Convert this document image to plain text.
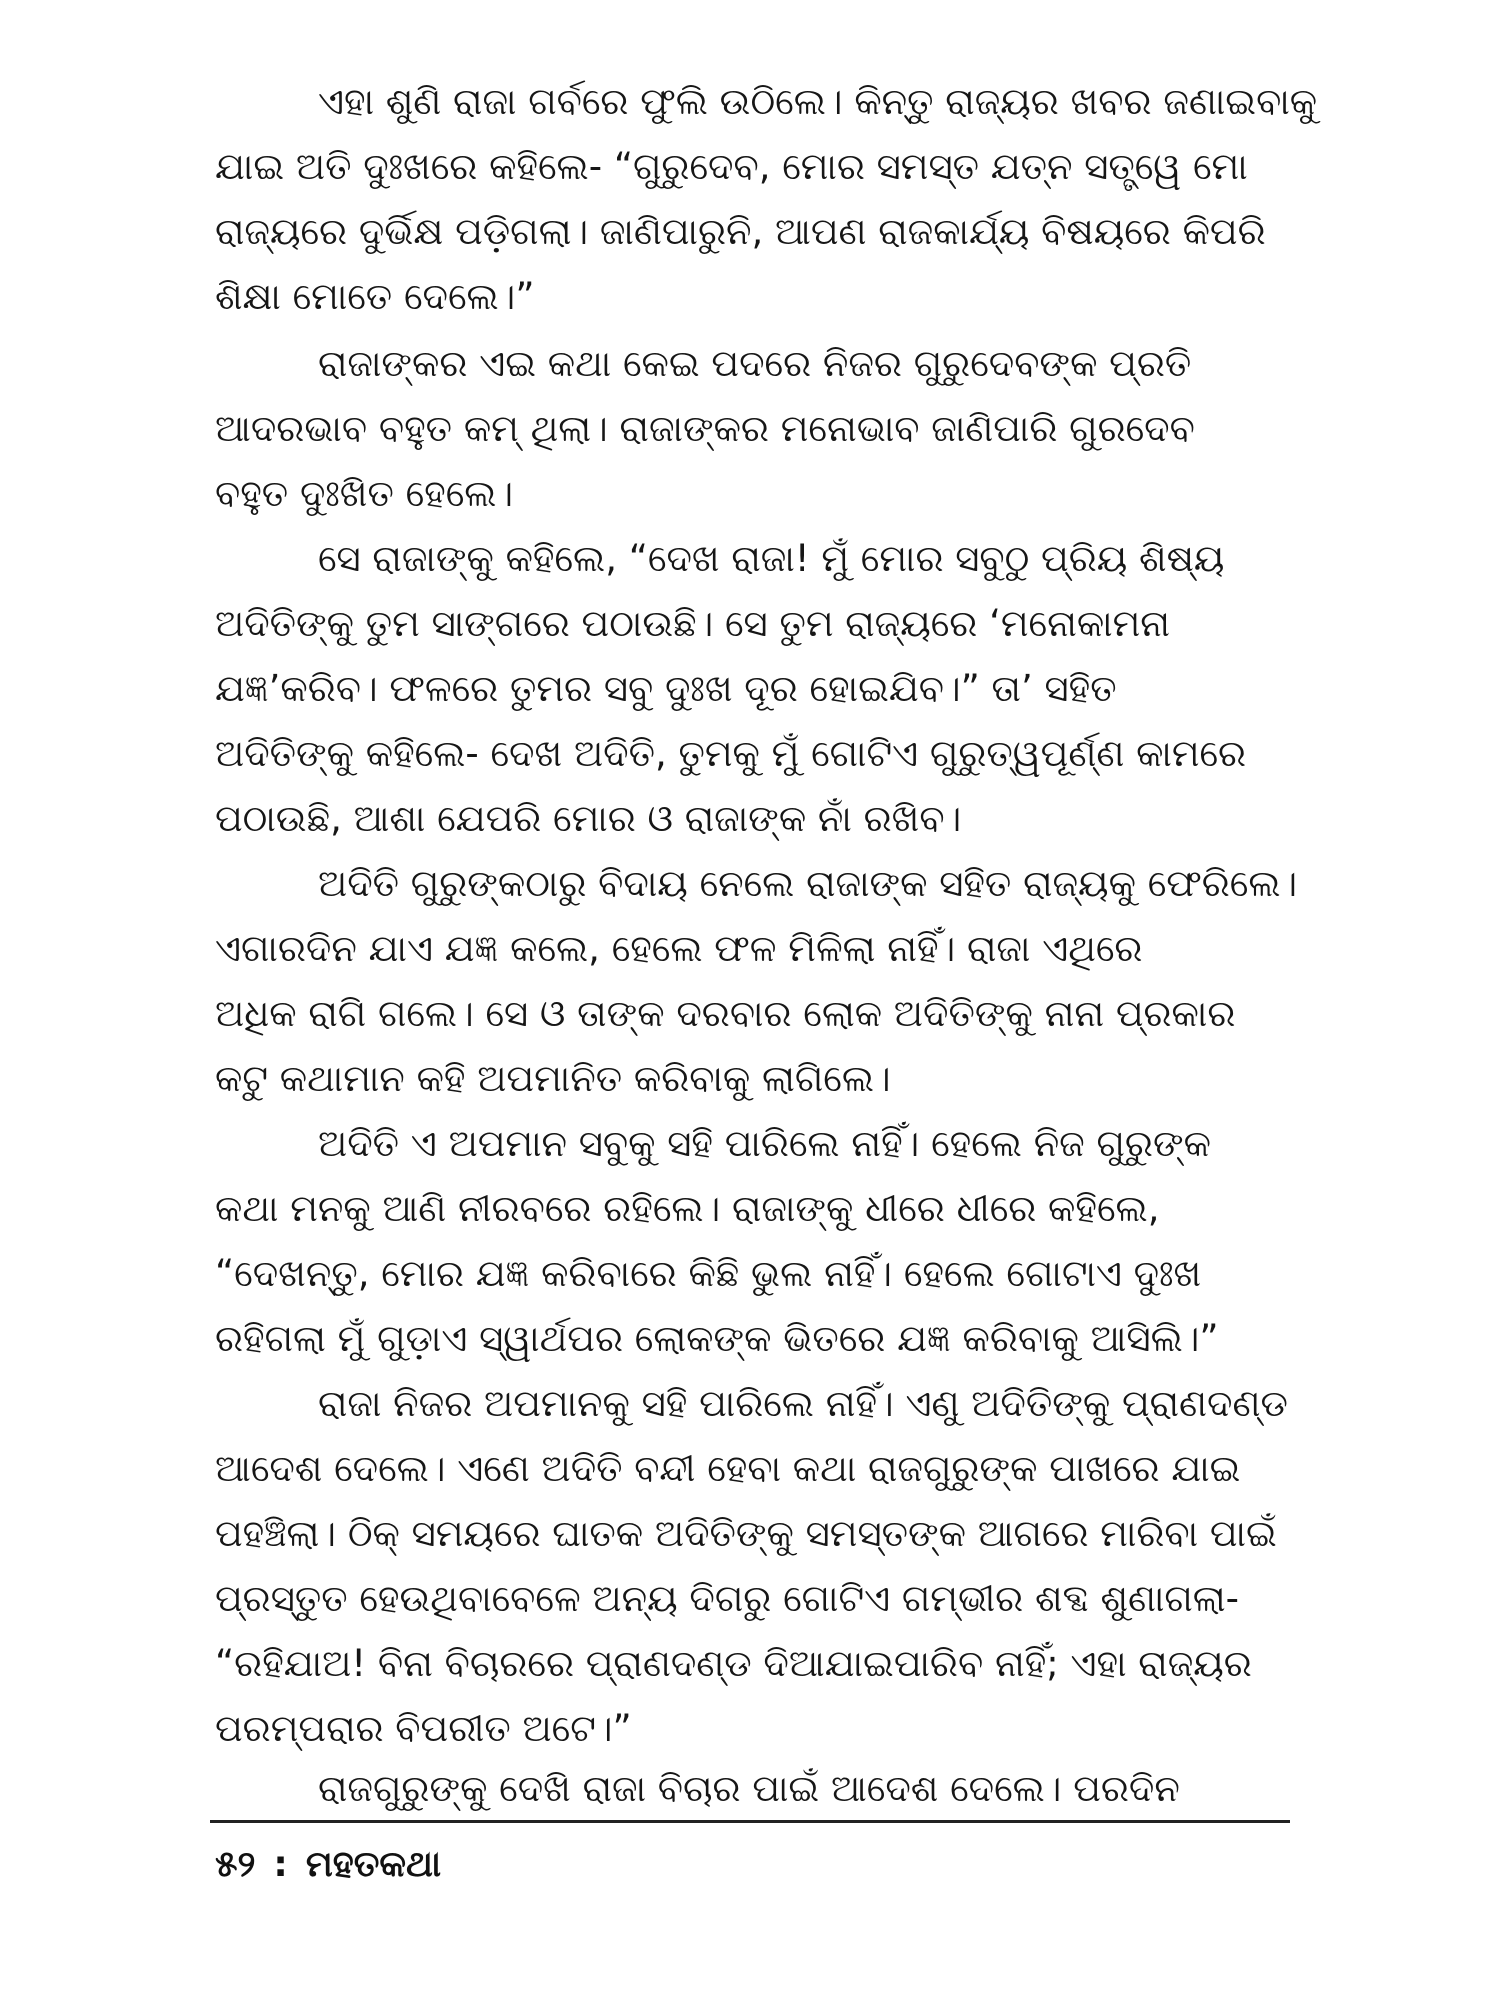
ଏହା ଶୁଣି ରାଜା ଗର୍ବରେ ଫୁଲି ଉଠିଲେ। କିନ୍ତୁ ରାଜ୍ୟର ଖବର ଜଣାଇବାକୁ
ଯାଇ ଅତି ଦୁଃଖରେ କହିଲେ- “ଗୁରୁଦେବ, ମୋର ସମସ୍ତ ଯତ୍ନ ସତ୍ତ୍ୱେ ମୋ
ରାଜ୍ୟରେ ଦୁର୍ଭିକ୍ଷ ପଡ଼ିଗଲା। ଜାଣିପାରୁନି, ଆପଣ ରାଜକାର୍ଯ୍ୟ ବିଷୟରେ କିପରି
ଶିକ୍ଷା ମୋତେ ଦେଲେ।”
ରାଜାଙ୍କର ଏଇ କଥା କେଇ ପଦରେ ନିଜର ଗୁରୁଦେବଙ୍କ ପ୍ରତି
ଆଦରଭାବ ବହୁତ କମ୍ ଥିଲା। ରାଜାଙ୍କର ମନୋଭାବ ଜାଣିପାରି ଗୁରଦେବ
ବହୁତ ଦୁଃଖିତ ହେଲେ।
ସେ ରାଜାଙ୍କୁ କହିଲେ, “ଦେଖ ରାଜା! ମୁଁ ମୋର ସବୁଠୁ ପ୍ରିୟ ଶିଷ୍ୟ
ଅଦିତିଙ୍କୁ ତୁମ ସାଙ୍ଗରେ ପଠାଉଛି। ସେ ତୁମ ରାଜ୍ୟରେ ‘ମନୋକାମନା
ଯଜ୍ଞ’କରିବ। ଫଳରେ ତୁମର ସବୁ ଦୁଃଖ ଦୂର ହୋଇଯିବ।” ତା’ ସହିତ
ଅଦିତିଙ୍କୁ କହିଲେ- ଦେଖ ଅଦିତି, ତୁମକୁ ମୁଁ ଗୋଟିଏ ଗୁରୁତ୍ୱପୂର୍ଣ୍ଣ କାମରେ
ପଠାଉଛି, ଆଶା ଯେପରି ମୋର ଓ ରାଜାଙ୍କ ନାଁ ରଖିବ।
ଅଦିତି ଗୁରୁଙ୍କଠାରୁ ବିଦାୟ ନେଲେ ରାଜାଙ୍କ ସହିତ ରାଜ୍ୟକୁ ଫେରିଲେ।
ଏଗାରଦିନ ଯାଏ ଯଜ୍ଞ କଲେ, ହେଲେ ଫଳ ମିଳିଲା ନାହିଁ। ରାଜା ଏଥିରେ
ଅଧିକ ରାଗି ଗଲେ। ସେ ଓ ତାଙ୍କ ଦରବାର ଲୋକ ଅଦିତିଙ୍କୁ ନାନା ପ୍ରକାର
କଟୁ କଥାମାନ କହି ଅପମାନିତ କରିବାକୁ ଲାଗିଲେ।
ଅଦିତି ଏ ଅପମାନ ସବୁକୁ ସହି ପାରିଲେ ନାହିଁ। ହେଲେ ନିଜ ଗୁରୁଙ୍କ
କଥା ମନକୁ ଆଣି ନୀରବରେ ରହିଲେ। ରାଜାଙ୍କୁ ଧୀରେ ଧୀରେ କହିଲେ,
“ଦେଖନ୍ତୁ, ମୋର ଯଜ୍ଞ କରିବାରେ କିଛି ଭୁଲ ନାହିଁ। ହେଲେ ଗୋଟାଏ ଦୁଃଖ
ରହିଗଲା ମୁଁ ଗୁଡ଼ାଏ ସ୍ୱାର୍ଥପର ଲୋକଙ୍କ ଭିତରେ ଯଜ୍ଞ କରିବାକୁ ଆସିଲି।”
ରାଜା ନିଜର ଅପମାନକୁ ସହି ପାରିଲେ ନାହିଁ। ଏଣୁ ଅଦିତିଙ୍କୁ ପ୍ରାଣଦଣ୍ଡ
ଆଦେଶ ଦେଲେ। ଏଣେ ଅଦିତି ବନ୍ଦୀ ହେବା କଥା ରାଜଗୁରୁଙ୍କ ପାଖରେ ଯାଇ
ପହଞ୍ଚିଲା। ଠିକ୍ ସମୟରେ ଘାତକ ଅଦିତିଙ୍କୁ ସମସ୍ତଙ୍କ ଆଗରେ ମାରିବା ପାଇଁ
ପ୍ରସ୍ତୁତ ହେଉଥିବାବେଳେ ଅନ୍ୟ ଦିଗରୁ ଗୋଟିଏ ଗମ୍ଭୀର ଶବ୍ଦ ଶୁଣାଗଲା-
“ରହିଯାଅ! ବିନା ବିଚାରରେ ପ୍ରାଣଦଣ୍ଡ ଦିଆଯାଇପାରିବ ନାହିଁ; ଏହା ରାଜ୍ୟର
ପରମ୍ପରାର ବିପରୀତ ଅଟେ।”
ରାଜଗୁରୁଙ୍କୁ ଦେଖି ରାଜା ବିଚାର ପାଇଁ ଆଦେଶ ଦେଲେ। ପରଦିନ
୫୨ : ମହତକଥା
